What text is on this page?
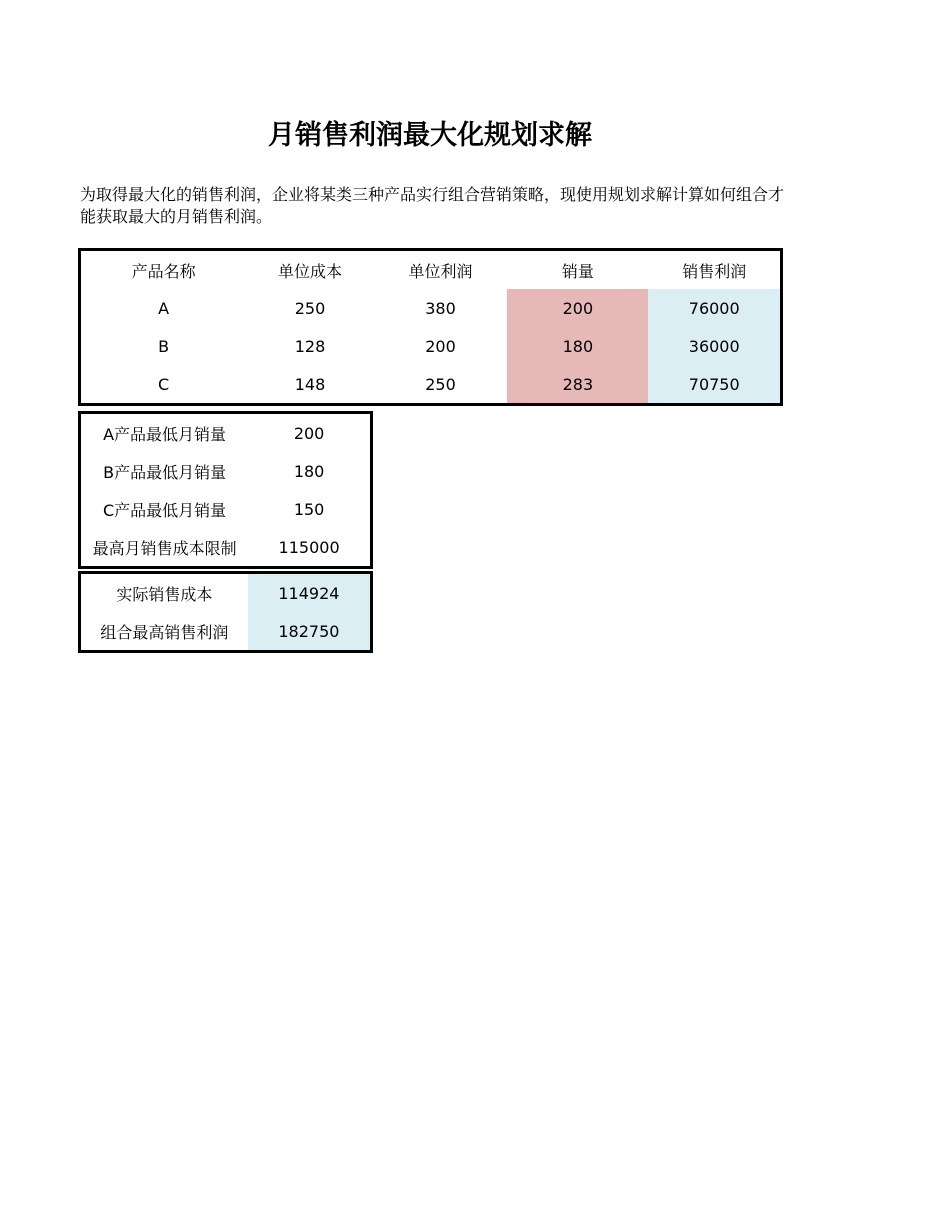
月销售利润最大化规划求解
为取得最大化的销售利润，企业将某类三种产品实行组合营销策略，现使用规划求解计算如何组合才能获取最大的月销售利润。
产品名称	单位成本	单位利润	销量	销售利润
A	250	380	200	76000
B	128	200	180	36000
C	148	250	283	70750
A产品最低月销量	200
B产品最低月销量	180
C产品最低月销量	150
最高月销售成本限制	115000
实际销售成本	114924
组合最高销售利润	182750
